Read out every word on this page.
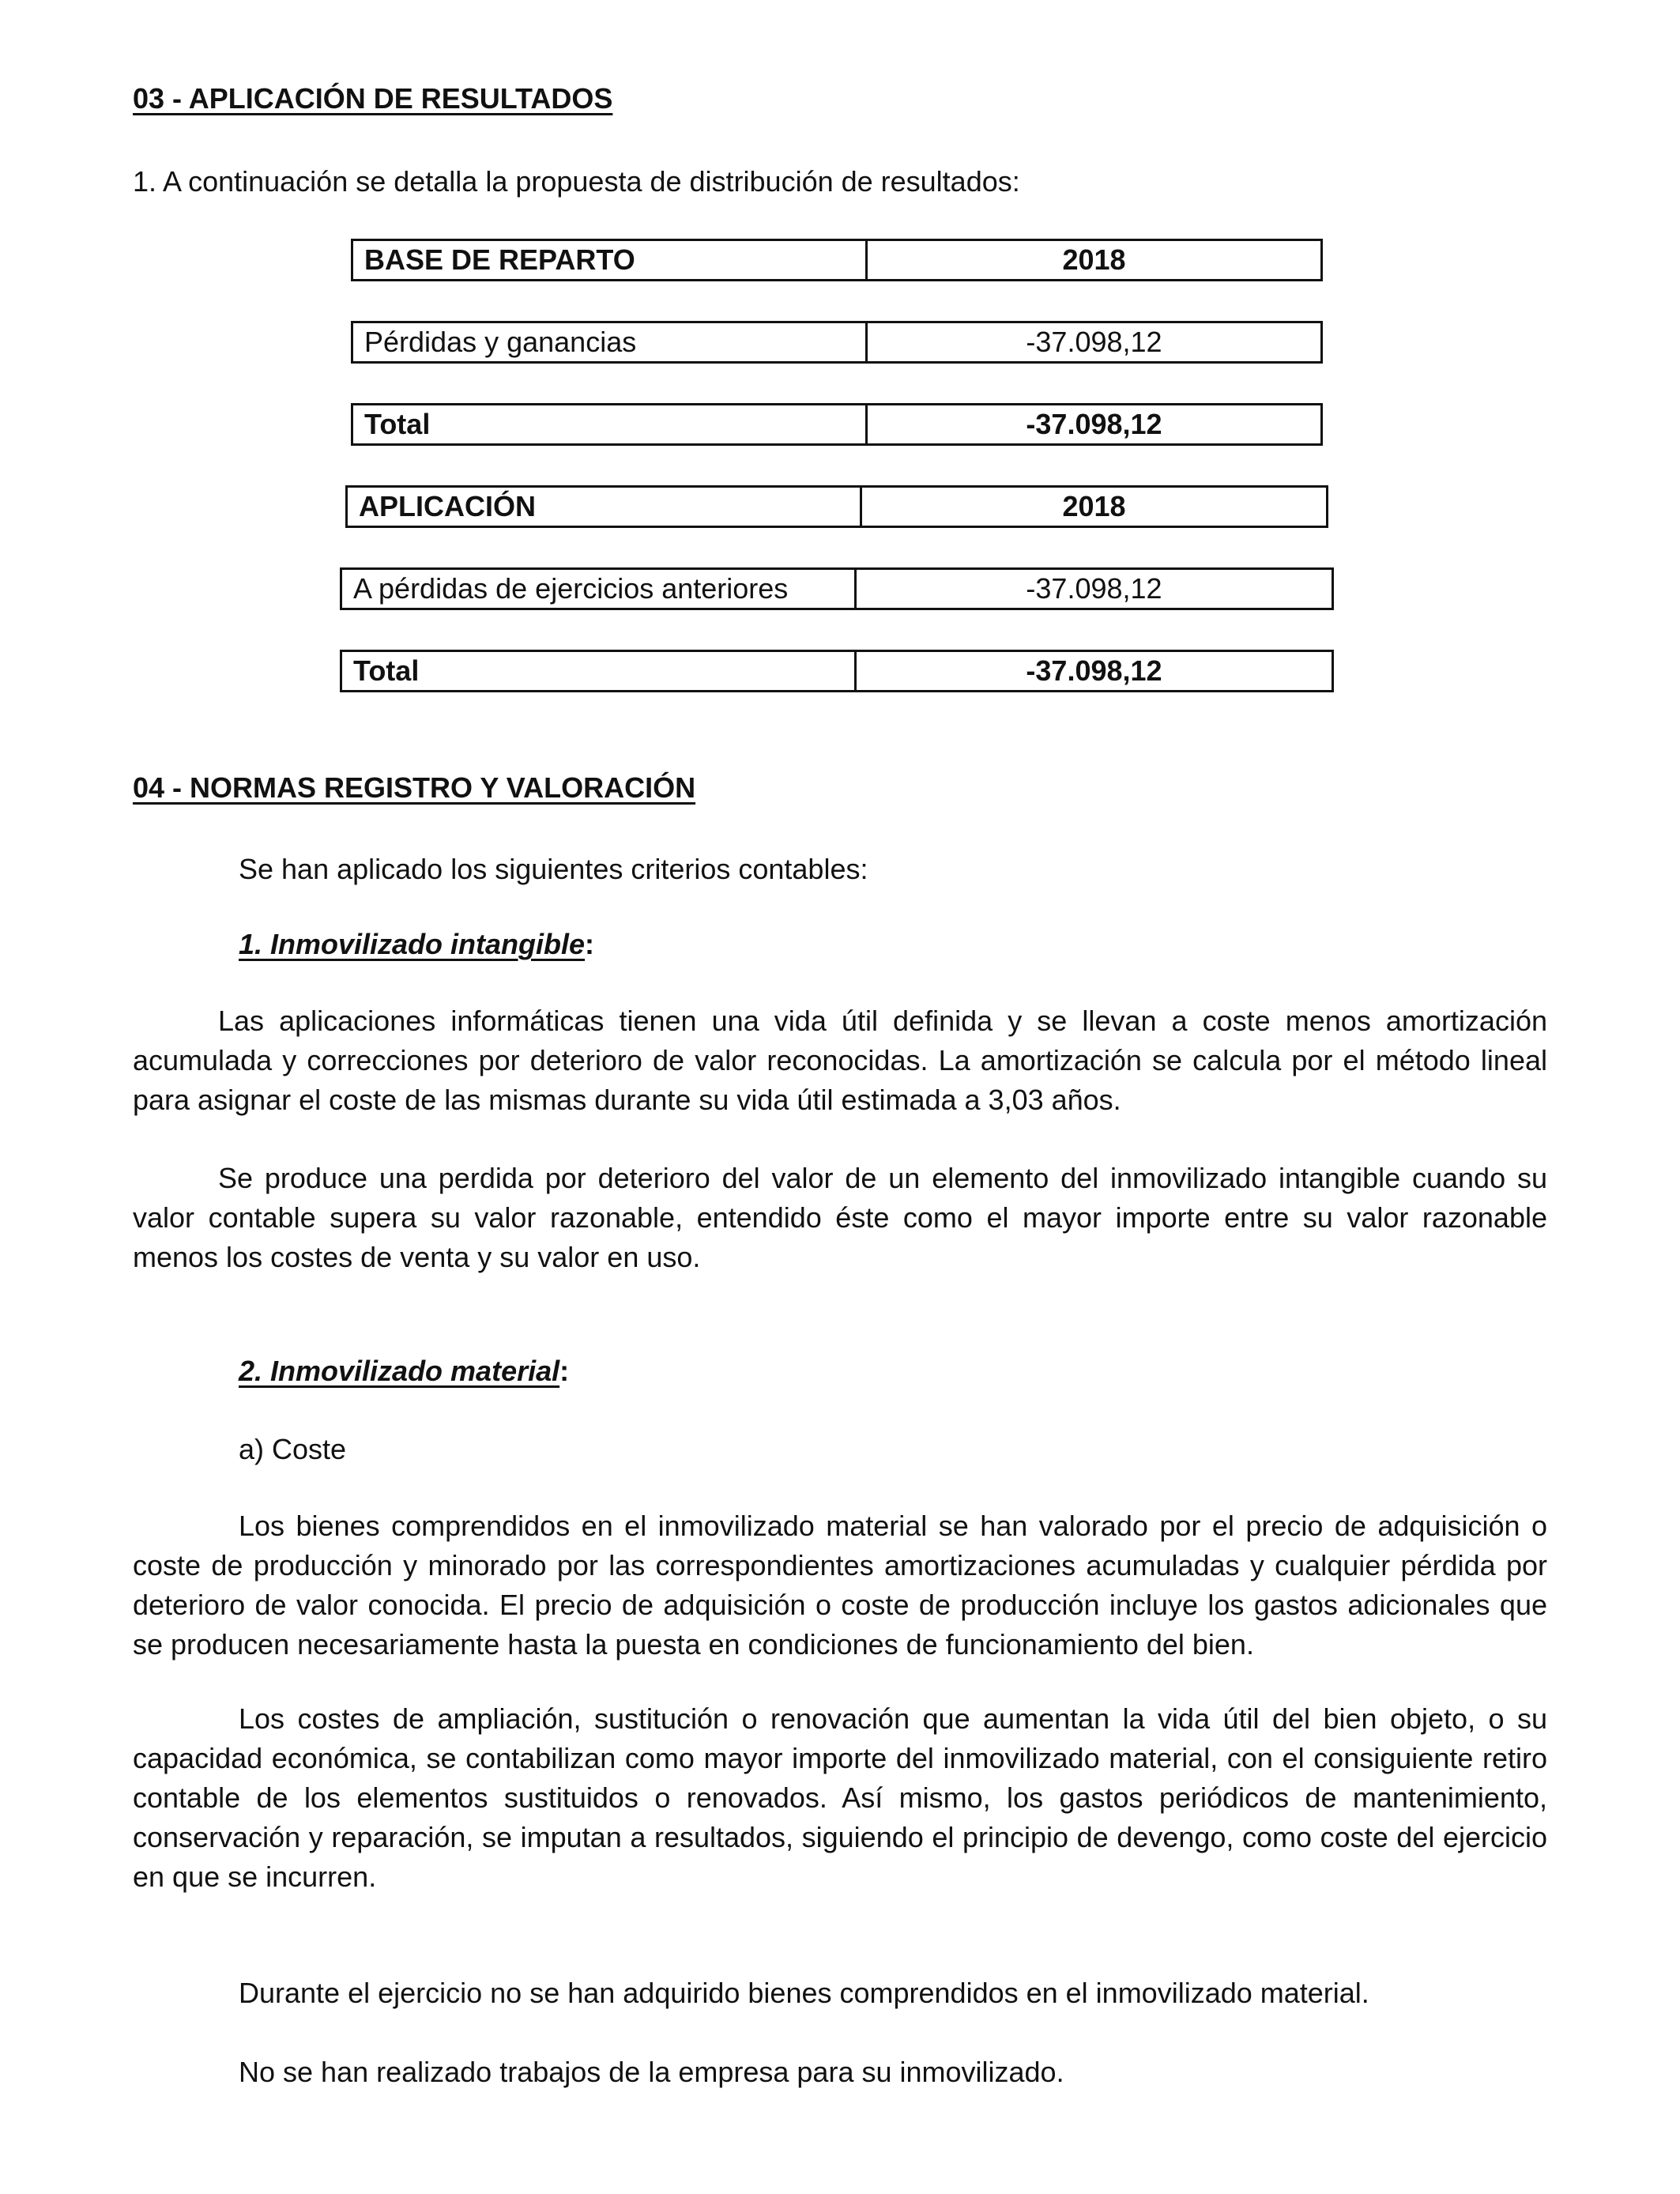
03 - APLICACIÓN DE RESULTADOS

1. A continuación se detalla la propuesta de distribución de resultados:

BASE DE REPARTO	2018
Pérdidas y ganancias	-37.098,12
Total	-37.098,12
APLICACIÓN	2018
A pérdidas de ejercicios anteriores	-37.098,12
Total	-37.098,12

04 - NORMAS REGISTRO Y VALORACIÓN

Se han aplicado los siguientes criterios contables:

1. Inmovilizado intangible:

Las aplicaciones informáticas tienen una vida útil definida y se llevan a coste menos amortización acumulada y correcciones por deterioro de valor reconocidas. La amortización se calcula por el método lineal para asignar el coste de las mismas durante su vida útil estimada a 3,03 años.

Se produce una perdida por deterioro del valor de un elemento del inmovilizado intangible cuando su valor contable supera su valor razonable, entendido éste como el mayor importe entre su valor razonable menos los costes de venta y su valor en uso.

2. Inmovilizado material:

a) Coste

Los bienes comprendidos en el inmovilizado material se han valorado por el precio de adquisición o coste de producción y minorado por las correspondientes amortizaciones acumuladas y cualquier pérdida por deterioro de valor conocida. El precio de adquisición o coste de producción incluye los gastos adicionales que se producen necesariamente hasta la puesta en condiciones de funcionamiento del bien.

Los costes de ampliación, sustitución o renovación que aumentan la vida útil del bien objeto, o su capacidad económica, se contabilizan como mayor importe del inmovilizado material, con el consiguiente retiro contable de los elementos sustituidos o renovados. Así mismo, los gastos periódicos de mantenimiento, conservación y reparación, se imputan a resultados, siguiendo el principio de devengo, como coste del ejercicio en que se incurren.

Durante el ejercicio no se han adquirido bienes comprendidos en el inmovilizado material.

No se han realizado trabajos de la empresa para su inmovilizado.
